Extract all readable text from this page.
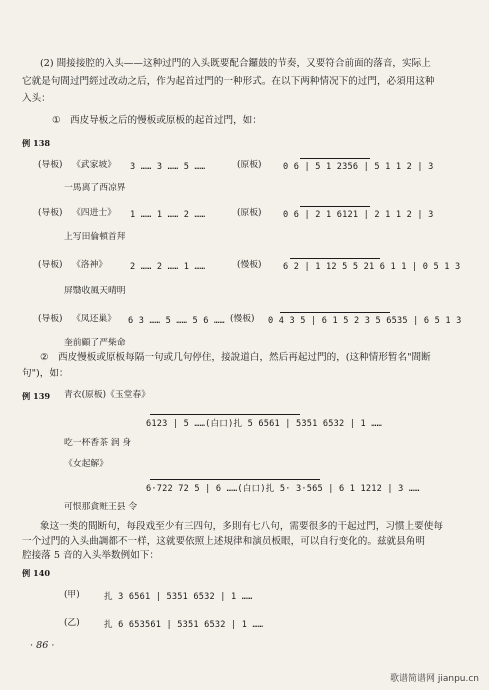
(2) 間接接腔的入头——这种过門的入头既要配合鑼鼓的节奏，又要符合前面的落音，实际上
它就是句間过門經过改动之后，作为起首过門的一种形式。在以下两种情况下的过門，必須用这种
入头：
① 西皮导板之后的慢板或原板的起首过門，如：
例 138
(导板) 《武家坡》 3 …… 3 …… 5 ……	(原板)	0 6 | 5 1 2356 | 5 1 1 2 | 3
一馬离了西凉界
(导板) 《四进士》 1 …… 1 …… 2 ……	(原板)	0 6 | 2 1 6121 | 2 1 1 2 | 3
上写田倫頓首拜
(导板) 《洛神》	2 …… 2 …… 1 ……	(慢板)	6 2 | 1 12 5 5 21 6 1 1 | 0 5 1 3
屏翳收風天晴明
(导板) 《凤还巢》 6 3 …… 5 …… 5 6 …… (慢板) 0 4 3 5 | 6 1 5 2 3 5 6535 | 6 5 1 3
奎前顧了严柴命
② 西皮慢板或原板每隔一句或几句停住，接說道白，然后再起过門的，(这种情形暂名"間断
句")，如：
例 139 青衣(原板)《玉堂春》
6123 | 5 ……(白口)扎 5 6561 | 5351 6532 | 1 ……
吃一杯香茶 润 身
《女起解》
6·722 72 5 | 6 ……(白口)扎 5· 3·565 | 6 1 1212 | 3 ……
可恨那貪赃王县 令
象这一类的間断句，每段戏至少有三四句，多則有七八句，需要很多的干起过門，习惯上要使每
一个过門的入头曲調都不一样，这就要依照上述規律和演员板眼，可以自行变化的。兹就县角明
腔接落 5 音的入头举数例如下：
例 140
(甲)	扎 3 6561 | 5351 6532 | 1 ……
(乙)	扎 6 653561 | 5351 6532 | 1 ……
· 86 ·
歌谱简谱网 jianpu.cn
